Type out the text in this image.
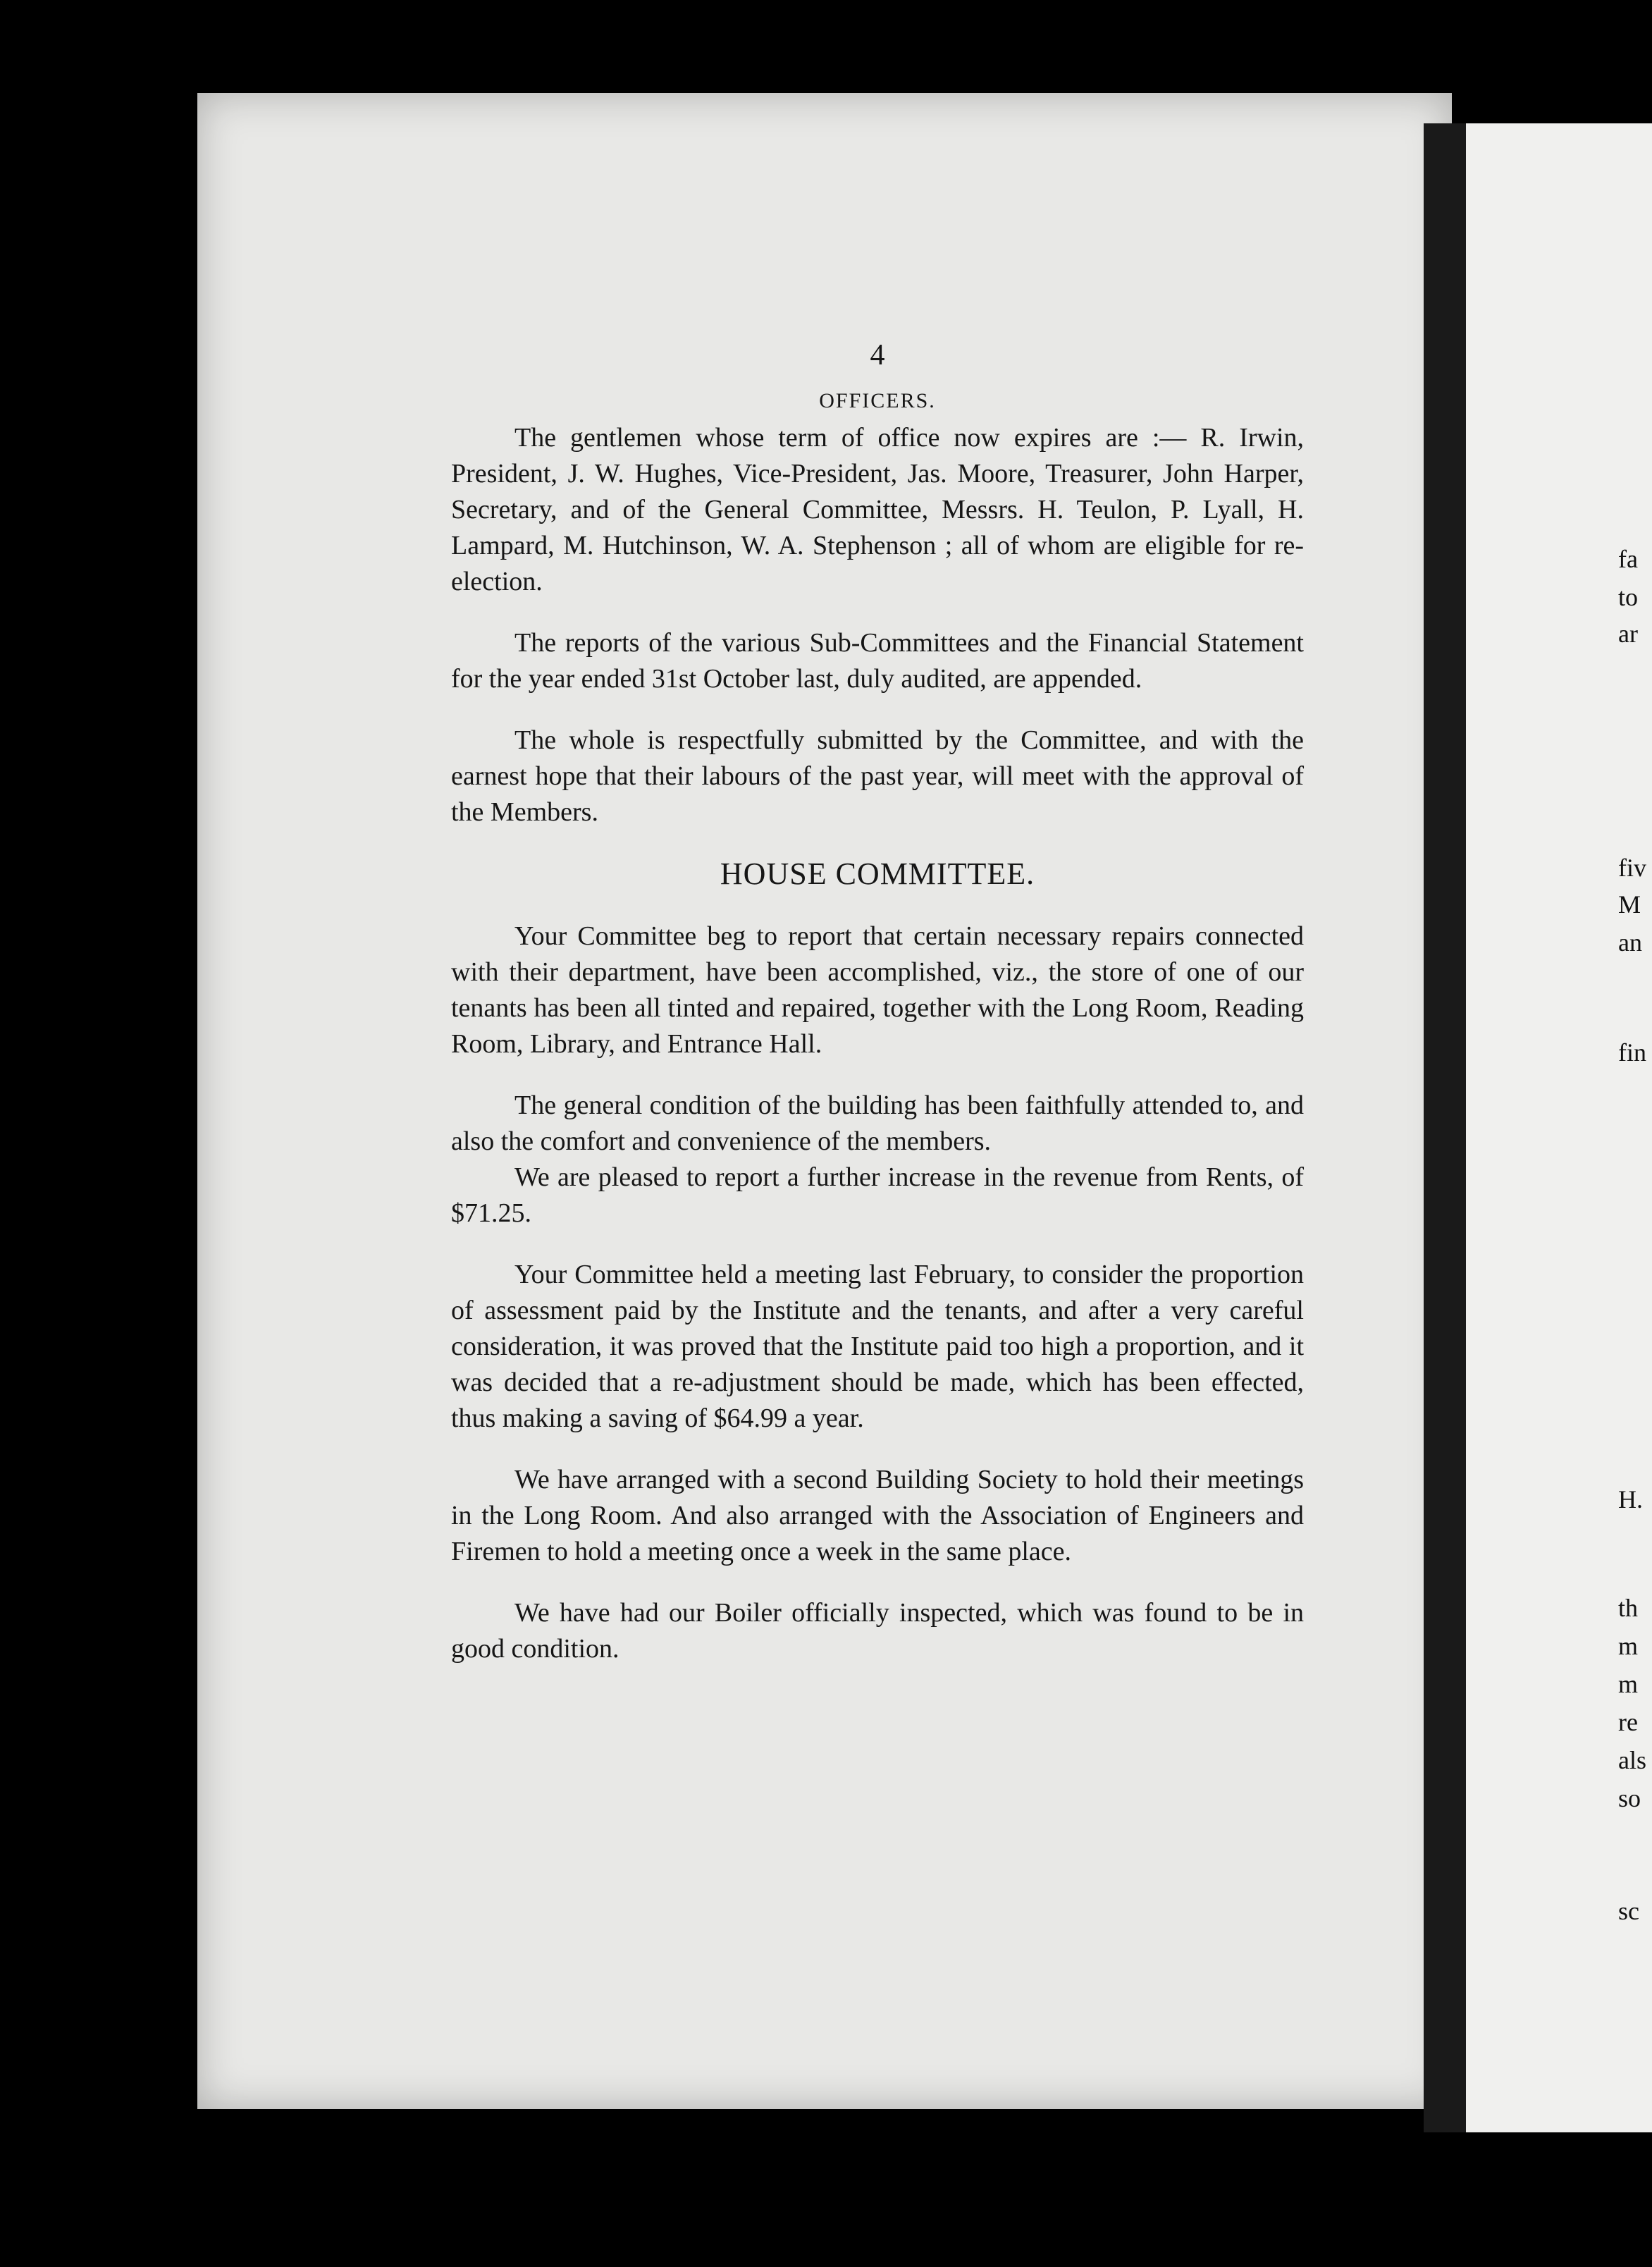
4
OFFICERS.

The gentlemen whose term of office now expires are :— R. Irwin, President, J. W. Hughes, Vice-President, Jas. Moore, Treasurer, John Harper, Secretary, and of the General Committee, Messrs. H. Teulon, P. Lyall, H. Lampard, M. Hutchinson, W. A. Stephenson ; all of whom are eligible for re-election.

The reports of the various Sub-Committees and the Financial Statement for the year ended 31st October last, duly audited, are appended.

The whole is respectfully submitted by the Committee, and with the earnest hope that their labours of the past year, will meet with the approval of the Members.

HOUSE COMMITTEE.

Your Committee beg to report that certain necessary repairs connected with their department, have been accomplished, viz., the store of one of our tenants has been all tinted and repaired, together with the Long Room, Reading Room, Library, and Entrance Hall.

The general condition of the building has been faithfully attended to, and also the comfort and convenience of the members.

We are pleased to report a further increase in the revenue from Rents, of $71.25.

Your Committee held a meeting last February, to consider the proportion of assessment paid by the Institute and the tenants, and after a very careful consideration, it was proved that the Institute paid too high a proportion, and it was decided that a re-adjustment should be made, which has been effected, thus making a saving of $64.99 a year.

We have arranged with a second Building Society to hold their meetings in the Long Room. And also arranged with the Association of Engineers and Firemen to hold a meeting once a week in the same place.

We have had our Boiler officially inspected, which was found to be in good condition.

fa
to
ar
fiv
M
an
fin
H.
th
m
m
re
als
so
sc
